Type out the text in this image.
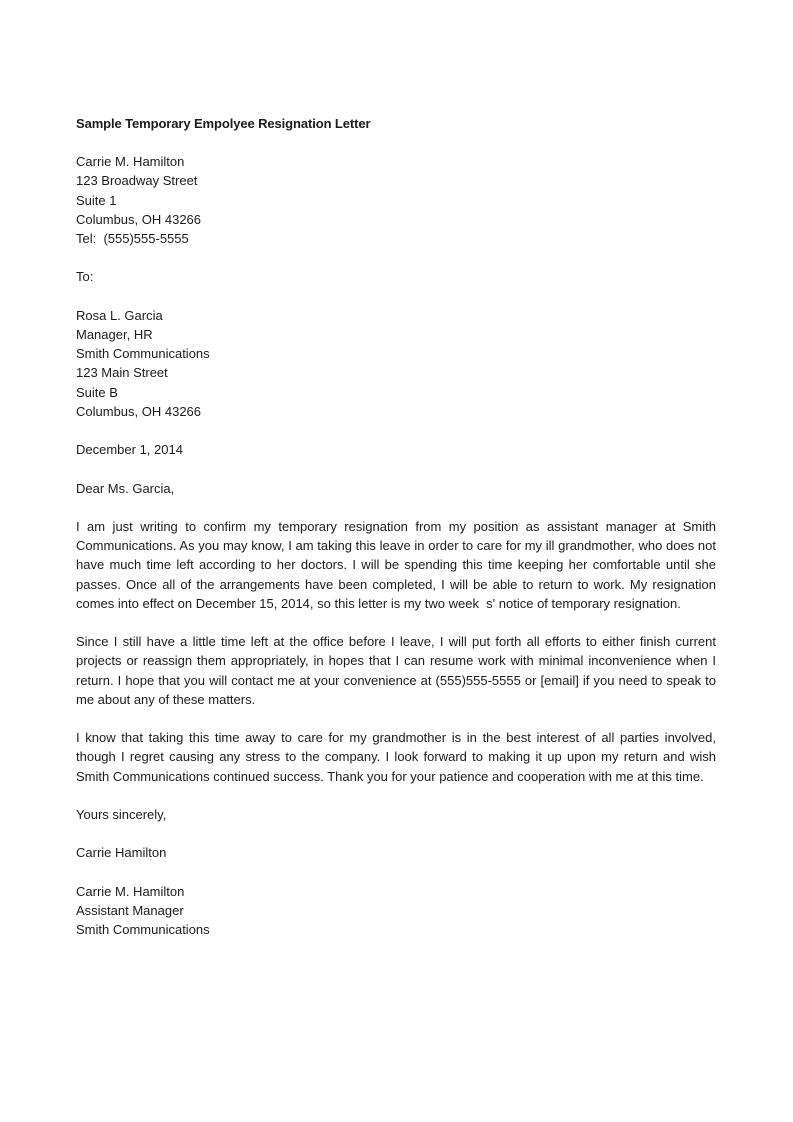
Sample Temporary Empolyee Resignation Letter
Carrie M. Hamilton
123 Broadway Street
Suite 1
Columbus, OH 43266
Tel:  (555)555-5555
To:
Rosa L. Garcia
Manager, HR
Smith Communications
123 Main Street
Suite B
Columbus, OH 43266
December 1, 2014
Dear Ms. Garcia,

I am just writing to confirm my temporary resignation from my position as assistant manager at Smith Communications. As you may know, I am taking this leave in order to care for my ill grandmother, who does not have much time left according to her doctors. I will be spending this time keeping her comfortable until she passes. Once all of the arrangements have been completed, I will be able to return to work. My resignation comes into effect on December 15, 2014, so this letter is my two week  s' notice of temporary resignation.

Since I still have a little time left at the office before I leave, I will put forth all efforts to either finish current projects or reassign them appropriately, in hopes that I can resume work with minimal inconvenience when I return. I hope that you will contact me at your convenience at (555)555-5555 or [email] if you need to speak to me about any of these matters.

I know that taking this time away to care for my grandmother is in the best interest of all parties involved, though I regret causing any stress to the company. I look forward to making it up upon my return and wish Smith Communications continued success. Thank you for your patience and cooperation with me at this time.

Yours sincerely,
Carrie Hamilton
Carrie M. Hamilton
Assistant Manager
Smith Communications
